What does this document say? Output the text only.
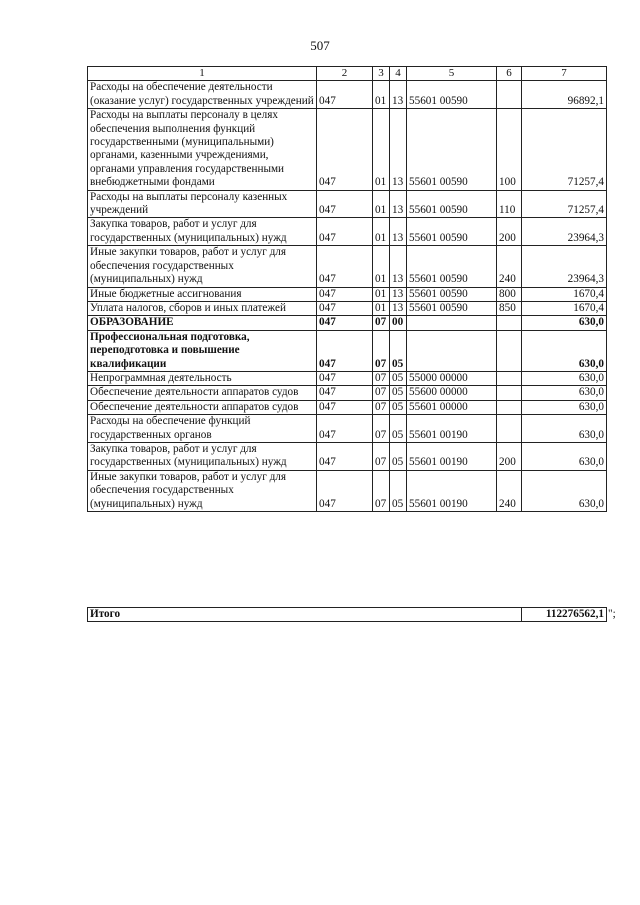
507
1	2	3	4	5	6	7
Расходы на обеспечение деятельности (оказание услуг) государственных учреждений	047	01	13	55601 00590		96892,1
Расходы на выплаты персоналу в целях обеспечения выполнения функций государственными (муниципальными) органами, казенными учреждениями, органами управления государственными внебюджетными фондами	047	01	13	55601 00590	100	71257,4
Расходы на выплаты персоналу казенных учреждений	047	01	13	55601 00590	110	71257,4
Закупка товаров, работ и услуг для государственных (муниципальных) нужд	047	01	13	55601 00590	200	23964,3
Иные закупки товаров, работ и услуг для обеспечения государственных (муниципальных) нужд	047	01	13	55601 00590	240	23964,3
Иные бюджетные ассигнования	047	01	13	55601 00590	800	1670,4
Уплата налогов, сборов и иных платежей	047	01	13	55601 00590	850	1670,4
ОБРАЗОВАНИЕ	047	07	00			630,0
Профессиональная подготовка, переподготовка и повышение квалификации	047	07	05			630,0
Непрограммная деятельность	047	07	05	55000 00000		630,0
Обеспечение деятельности аппаратов судов	047	07	05	55600 00000		630,0
Обеспечение деятельности аппаратов судов	047	07	05	55601 00000		630,0
Расходы на обеспечение функций государственных органов	047	07	05	55601 00190		630,0
Закупка товаров, работ и услуг для государственных (муниципальных) нужд	047	07	05	55601 00190	200	630,0
Иные закупки товаров, работ и услуг для обеспечения государственных (муниципальных) нужд	047	07	05	55601 00190	240	630,0
Итого	112276562,1 ";
